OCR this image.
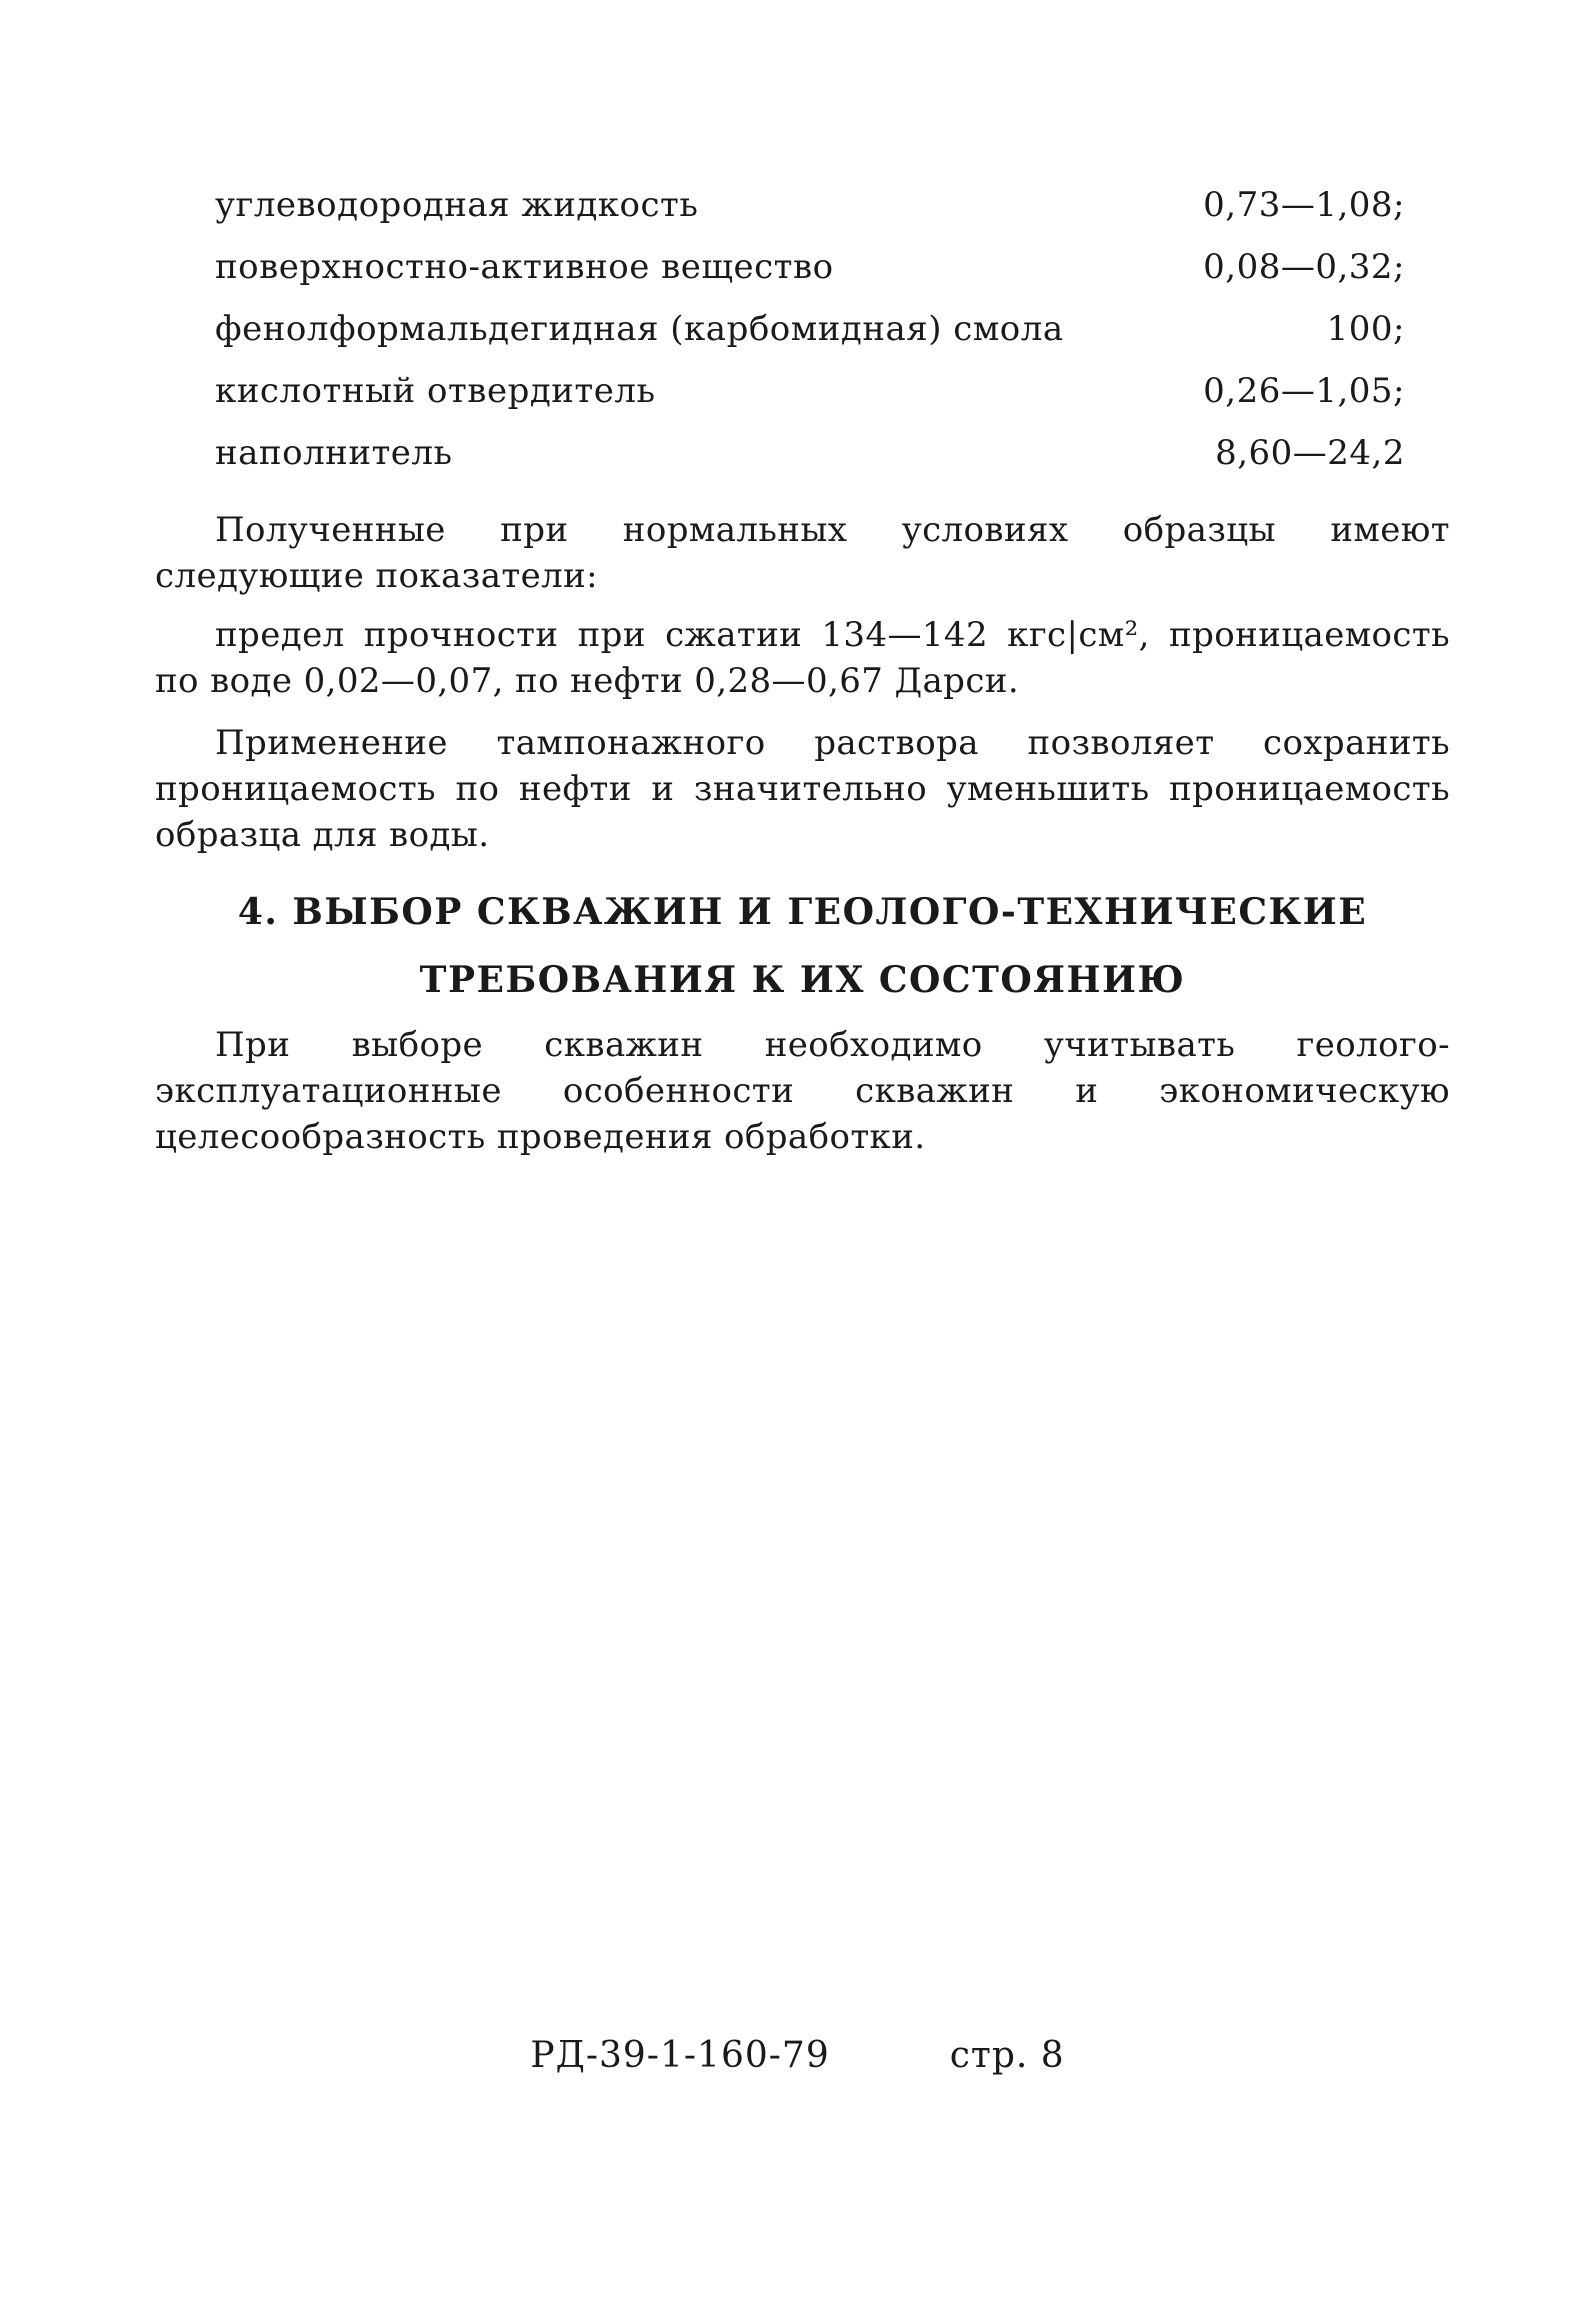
углеводородная жидкость	0,73—1,08;
поверхностно-активное вещество	0,08—0,32;
фенолформальдегидная (карбомидная) смола	100;
кислотный отвердитель	0,26—1,05;
наполнитель	8,60—24,2
Полученные при нормальных условиях образцы имеют следующие показатели:
предел прочности при сжатии 134—142 кгс|см², проницаемость по воде 0,02—0,07, по нефти 0,28—0,67 Дарси.
Применение тампонажного раствора позволяет сохранить проницаемость по нефти и значительно уменьшить проницаемость образца для воды.
4. ВЫБОР СКВАЖИН И ГЕОЛОГО-ТЕХНИЧЕСКИЕ
ТРЕБОВАНИЯ К ИХ СОСТОЯНИЮ
При выборе скважин необходимо учитывать геолого-эксплуатационные особенности скважин и экономическую целесообразность проведения обработки.
РД-39-1-160-79	стр. 8
